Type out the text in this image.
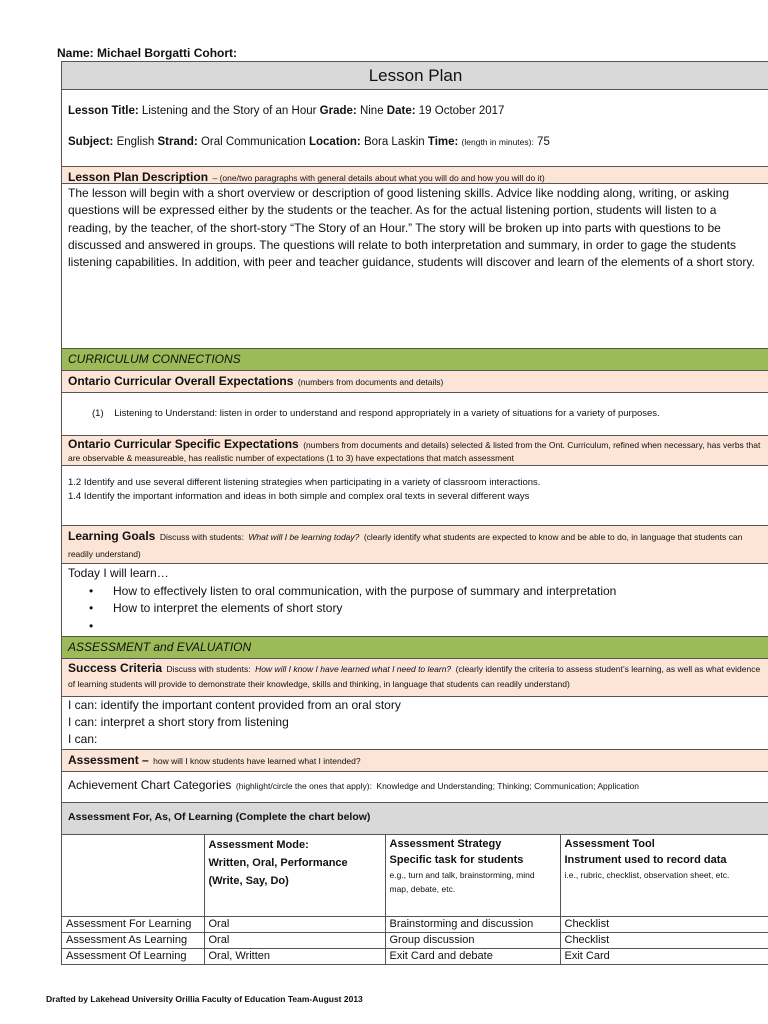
Name: Michael Borgatti Cohort:
Lesson Plan

Lesson Title: Listening and the Story of an Hour Grade: Nine Date: 19 October 2017

Subject: English Strand: Oral Communication Location: Bora Laskin Time: (length in minutes): 75

Lesson Plan Description – (one/two paragraphs with general details about what you will do and how you will do it)
The lesson will begin with a short overview or description of good listening skills. Advice like nodding along, writing, or asking questions will be expressed either by the students or the teacher. As for the actual listening portion, students will listen to a reading, by the teacher, of the short-story “The Story of an Hour.” The story will be broken up into parts with questions to be discussed and answered in groups. The questions will relate to both interpretation and summary, in order to gage the students listening capabilities. In addition, with peer and teacher guidance, students will discover and learn of the elements of a short story.
CURRICULUM CONNECTIONS
Ontario Curricular Overall Expectations (numbers from documents and details)
(1) Listening to Understand: listen in order to understand and respond appropriately in a variety of situations for a variety of purposes.
Ontario Curricular Specific Expectations (numbers from documents and details) selected & listed from the Ont. Curriculum, refined when necessary, has verbs that are observable & measureable, has realistic number of expectations (1 to 3) have expectations that match assessment
1.2 Identify and use several different listening strategies when participating in a variety of classroom interactions.
1.4 Identify the important information and ideas in both simple and complex oral texts in several different ways
Learning Goals Discuss with students: What will I be learning today? (clearly identify what students are expected to know and be able to do, in language that students can readily understand)
Today I will learn…
• How to effectively listen to oral communication, with the purpose of summary and interpretation
• How to interpret the elements of short story
•
ASSESSMENT and EVALUATION
Success Criteria Discuss with students: How will I know I have learned what I need to learn? (clearly identify the criteria to assess student’s learning, as well as what evidence of learning students will provide to demonstrate their knowledge, skills and thinking, in language that students can readily understand)
I can: identify the important content provided from an oral story
I can: interpret a short story from listening
I can:
Assessment – how will I know students have learned what I intended?
Achievement Chart Categories (highlight/circle the ones that apply): Knowledge and Understanding; Thinking; Communication; Application
Assessment For, As, Of Learning (Complete the chart below)
	Assessment Mode:
Written, Oral, Performance
(Write, Say, Do)	Assessment Strategy
Specific task for students

e.g., turn and talk, brainstorming, mind map, debate, etc.	Assessment Tool
Instrument used to record data

i.e., rubric, checklist, observation sheet, etc.

Assessment For Learning	Oral	Brainstorming and discussion	Checklist
Assessment As Learning	Oral	Group discussion	Checklist
Assessment Of Learning	Oral, Written	Exit Card and debate	Exit Card
Drafted by Lakehead University Orillia Faculty of Education Team-August 2013
